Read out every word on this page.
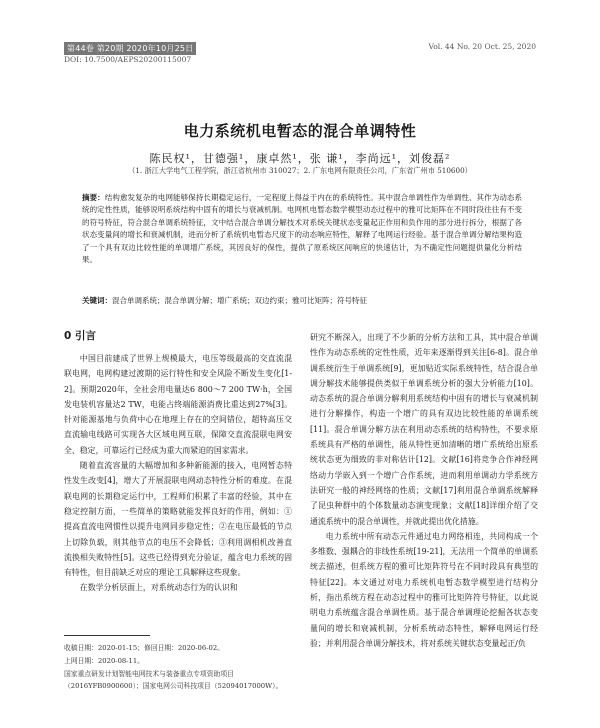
第44卷 第20期 2020年10月25日	Vol. 44 No. 20 Oct. 25, 2020
DOI: 10.7500/AEPS20200115007
电力系统机电暂态的混合单调特性
陈民权¹，甘德强¹，康卓然¹，张 谦¹，李尚远¹，刘俊磊²
（1. 浙江大学电气工程学院，浙江省杭州市 310027；2. 广东电网有限责任公司，广东省广州市 510600）

摘要：结构愈发复杂的电网能够保持长期稳定运行，一定程度上得益于内在的系统特性。其中混合单调性作为单调性、其作为动态系统的定性性质，能够说明系统结构中固有的增长与衰减机制。电网机电暂态数学模型动态过程中的雅可比矩阵在不同时段往往有不变的符号特征，符合混合单调系统特征，文中结合混合单调分解技术对系统关键状态变量起正作用和负作用的部分进行拆分，根据了各状态变量间的增长和衰减机制，进而分析了系统机电暂态尺度下的动态响应特性，解释了电网运行经验。基于混合单调分解结果构造了一个具有双边比较性能的单调增广系统，其因良好的保性，提供了原系统区间响应的快速估计，为不确定性问题提供量化分析结果。

关键词：混合单调系统；混合单调分解；增广系统；双边约束；雅可比矩阵；符号特征
0 引言

中国目前建成了世界上规模最大，电压等级最高的交直流混联电网，电网构建过渡期的运行特性和安全风险不断发生变化[1-2]。预期2020年，全社会用电量达6 800～7 200 TW·h，全国发电装机容量达2 TW，电能占终端能源消费比重达到27%[3]。针对能源基地与负荷中心在地理上存在的空间错位，超特高压交直流输电线路可实现各大区域电网互联，保障交直流混联电网安全、稳定，可靠运行已经成为重大而紧迫的国家需求。

随着直流容量的大幅增加和多种新能源的接入，电网暂态特性发生改变[4]，增大了开展混联电网动态特性分析的难度。在混联电网的长期稳定运行中，工程师们积累了丰富的经验，其中在稳定控制方面，一些简单的策略就能发挥良好的作用，例如：①提高直流电网惯性以提升电网同步稳定性；②在电压最低的节点上切除负载，则其他节点的电压不会降低；③利用调相机改善直流换相失败特性[5]。这些已经得到充分验证，蕴含电力系统的固有特性，但目前缺乏对应的理论工具解释这些现象。

在数学分析层面上，对系统动态行为的认识和

研究不断深入，出现了不少新的分析方法和工具，其中混合单调性作为动态系统的定性性质，近年来逐渐得到关注[6-8]。混合单调系统衍生于单调系统[9]，更加贴近实际系统特性，结合混合单调分解技术能够提供类似于单调系统分析的强大分析能力[10]。动态系统的混合单调分解利用系统结构中固有的增长与衰减机制进行分解操作，构造一个增广的具有双边比较性能的单调系统[11]。混合单调分解方法在利用动态系统的结构特性，不要求原系统具有严格的单调性，能从特性更加清晰的增广系统给出原系统状态更为细致的非对称估计[12]。文献[16]将竞争合作神经网络动力学嵌入到一个增广合作系统，进而利用单调动力学系统方法研究一般的神经网络的性质；文献[17]利用混合单调系统解释了昆虫种群中的个体数量动态演变现象；文献[18]详细介绍了交通流系统中的混合单调性，并就此提出优化措施。

电力系统中所有动态元件通过电力网络相连，共同构成一个多维数、强耦合的非线性系统[19-21]，无法用一个简单的单调系统去描述，但系统方程的雅可比矩阵符号在不同时段具有典型的特征[22]。本文通过对电力系统机电暂态数学模型进行结构分析，指出系统方程在动态过程中的雅可比矩阵符号特征，以此说明电力系统蕴含混合单调性质。基于混合单调理论挖掘各状态变量间的增长和衰减机制，分析系统动态特性，解释电网运行经验；并利用混合单调分解技术，将对系统关键状态变量起正/负

收稿日期：2020-01-15；修回日期：2020-06-02。

上网日期：2020-08-11。

国家重点研发计划智能电网技术与装备重点专项资助项目（2016YFB0900600）；国家电网公司科技项目（52094017000W）。
